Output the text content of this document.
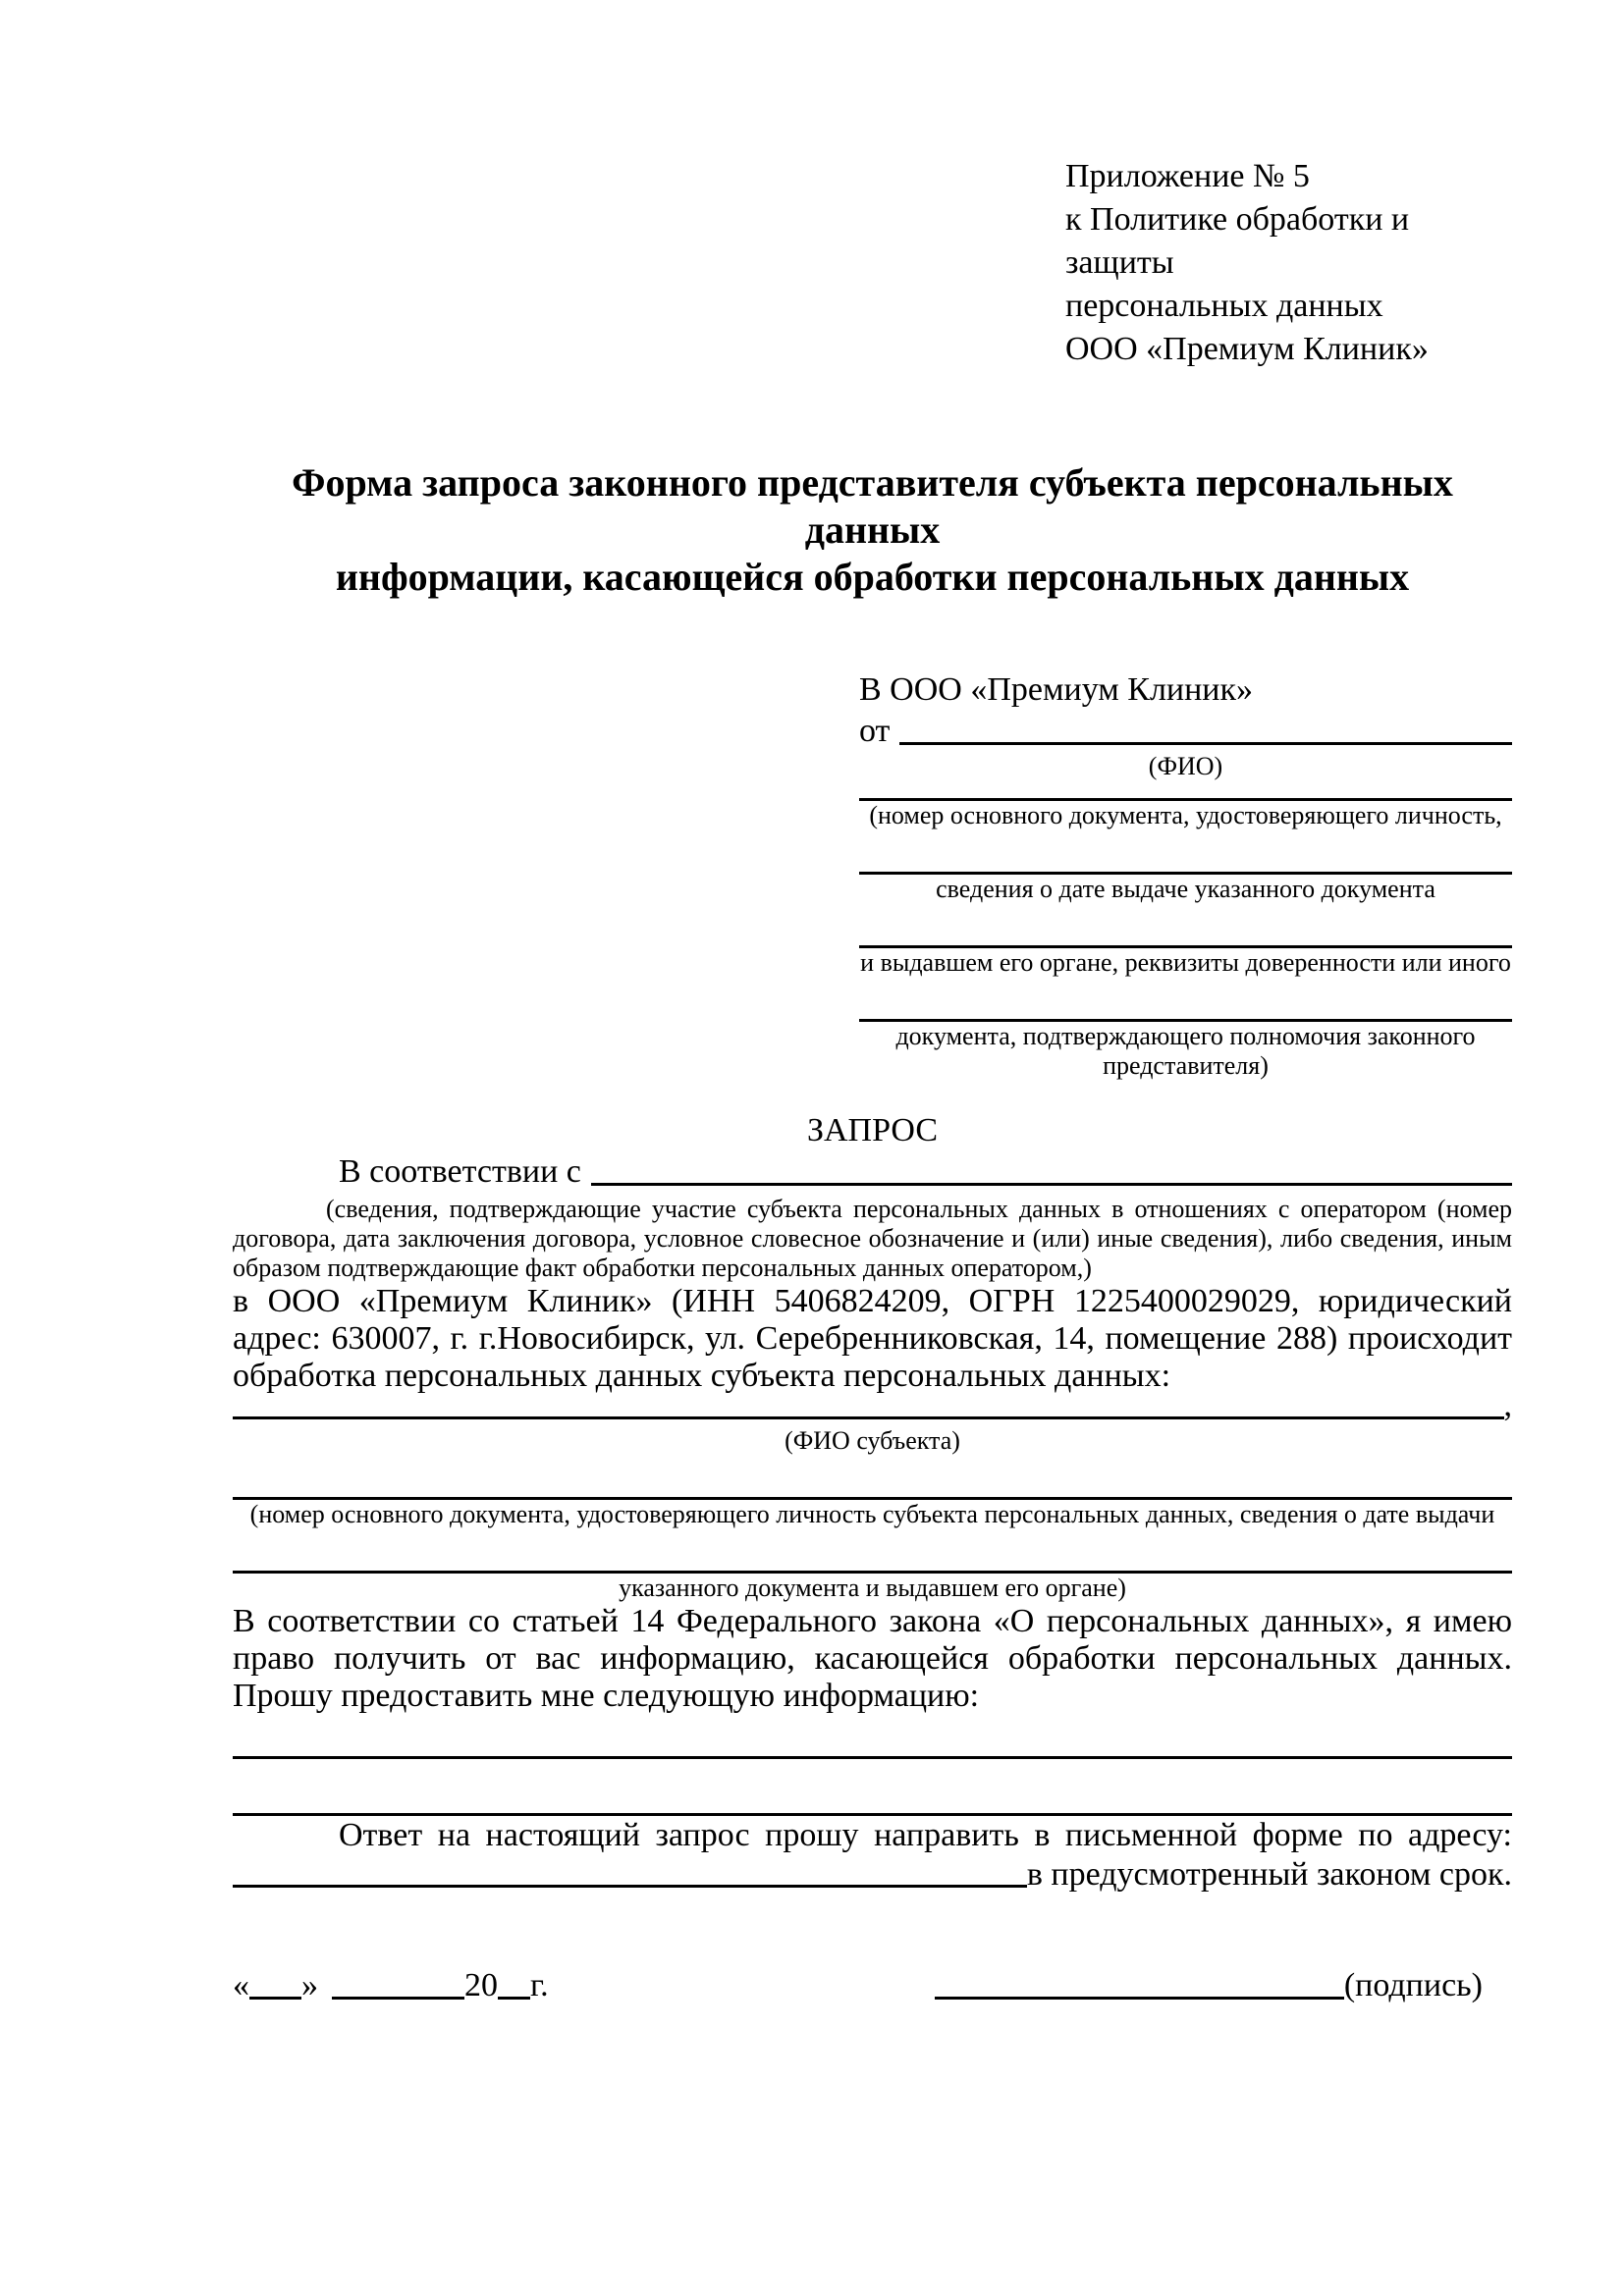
Приложение № 5
к Политике обработки и защиты
персональных данных
ООО «Премиум Клиник»
Форма запроса законного представителя субъекта персональных данных
информации, касающейся обработки персональных данных
В ООО «Премиум Клиник»
от
(ФИО)
(номер основного документа, удостоверяющего личность,
сведения о дате выдаче указанного документа
и выдавшем его органе, реквизиты доверенности или иного
документа, подтверждающего полномочия законного представителя)
ЗАПРОС
В соответствии с
(сведения, подтверждающие участие субъекта персональных данных в отношениях с оператором (номер договора, дата заключения договора, условное словесное обозначение и (или) иные сведения), либо сведения, иным образом подтверждающие факт обработки персональных данных оператором,)

в ООО «Премиум Клиник» (ИНН 5406824209, ОГРН 1225400029029, юридический адрес: 630007, г. г.Новосибирск, ул. Серебренниковская, 14, помещение 288) происходит обработка персональных данных субъекта персональных данных:

,
(ФИО субъекта)
(номер основного документа, удостоверяющего личность субъекта персональных данных, сведения о дате выдачи
указанного документа и выдавшем его органе)

В соответствии со статьей 14 Федерального закона «О персональных данных», я имею право получить от вас информацию, касающейся обработки персональных данных. Прошу предоставить мне следующую информацию:

Ответ на настоящий запрос прошу направить в письменной форме по адресу:
в предусмотренный законом срок.
« »	20 г.	(подпись)
